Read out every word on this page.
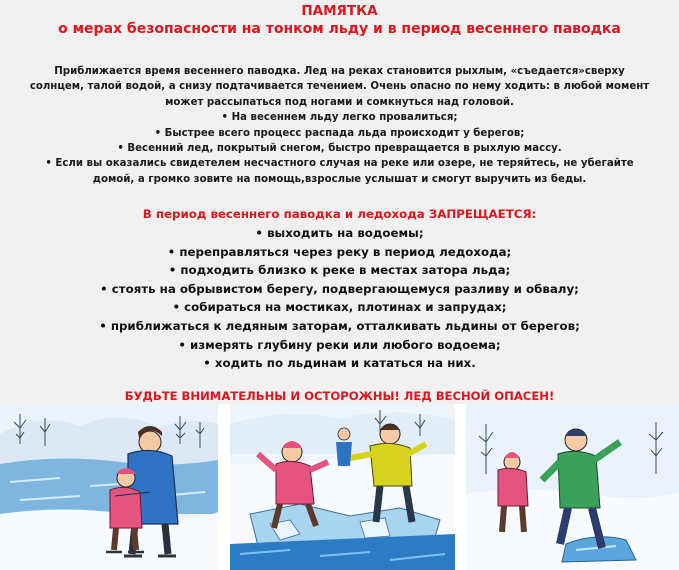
ПАМЯТКА
о мерах безопасности на тонком льду и в период весеннего паводка

Приближается время весеннего паводка. Лед на реках становится рыхлым, «съедается»сверху

солнцем, талой водой, а снизу подтачивается течением. Очень опасно по нему ходить: в любой момент

может рассыпаться под ногами и сомкнуться над головой.

• На весеннем льду легко провалиться;

• Быстрее всего процесс распада льда происходит у берегов;

• Весенний лед, покрытый снегом, быстро превращается в рыхлую массу.

• Если вы оказались свидетелем несчастного случая на реке или озере, не теряйтесь, не убегайте

домой, а громко зовите на помощь,взрослые услышат и смогут выручить из беды.

В период весеннего паводка и ледохода ЗАПРЕЩАЕТСЯ:
• выходить на водоемы;
• переправляться через реку в период ледохода;
• подходить близко к реке в местах затора льда;
• стоять на обрывистом берегу, подвергающемуся разливу и обвалу;
• собираться на мостиках, плотинах и запрудах;
• приближаться к ледяным заторам, отталкивать льдины от берегов;
• измерять глубину реки или любого водоема;
• ходить по льдинам и кататься на них.
БУДЬТЕ ВНИМАТЕЛЬНЫ И ОСТОРОЖНЫ! ЛЕД ВЕСНОЙ ОПАСЕН!
